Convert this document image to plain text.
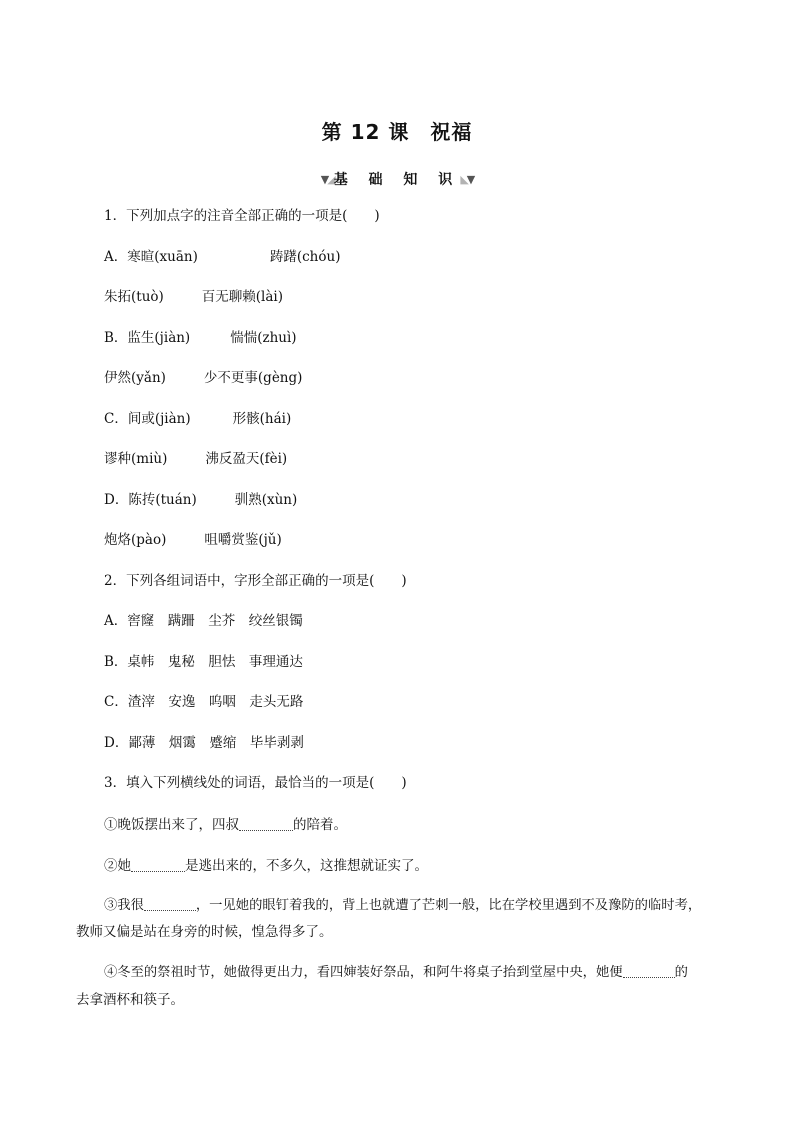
第 12 课　祝福
▼◢基 础 知 识◣▼
1．下列加点字的注音全部正确的一项是(　　)
A．寒暄(xuān)	踌躇(chóu)
朱拓(tuò)	百无聊赖(lài)
B．监生(jiàn)	惴惴(zhuì)
伊然(yǎn)	少不更事(gèng)
C．间或(jiàn)	形骸(hái)
谬种(miù)	沸反盈天(fèi)
D．陈抟(tuán)	驯熟(xùn)
炮烙(pào)	咀嚼赏鉴(jǔ)
2．下列各组词语中，字形全部正确的一项是(　　)
A．窖窿　蹒跚　尘芥　绞丝银镯
B．桌帏　鬼秘　胆怯　事理通达
C．渣滓　安逸　呜咽　走头无路
D．鄙薄　烟霭　蹙缩　毕毕剥剥
3．填入下列横线处的词语，最恰当的一项是(　　)
①晚饭摆出来了，四叔	的陪着。
②她	是逃出来的，不多久，这推想就证实了。
③我很	，一见她的眼钉着我的，背上也就遭了芒刺一般，比在学校里遇到不及豫防的临时考，
教师又偏是站在身旁的时候，惶急得多了。
④冬至的祭祖时节，她做得更出力，看四婶装好祭品，和阿牛将桌子抬到堂屋中央，她便	的
去拿酒杯和筷子。
